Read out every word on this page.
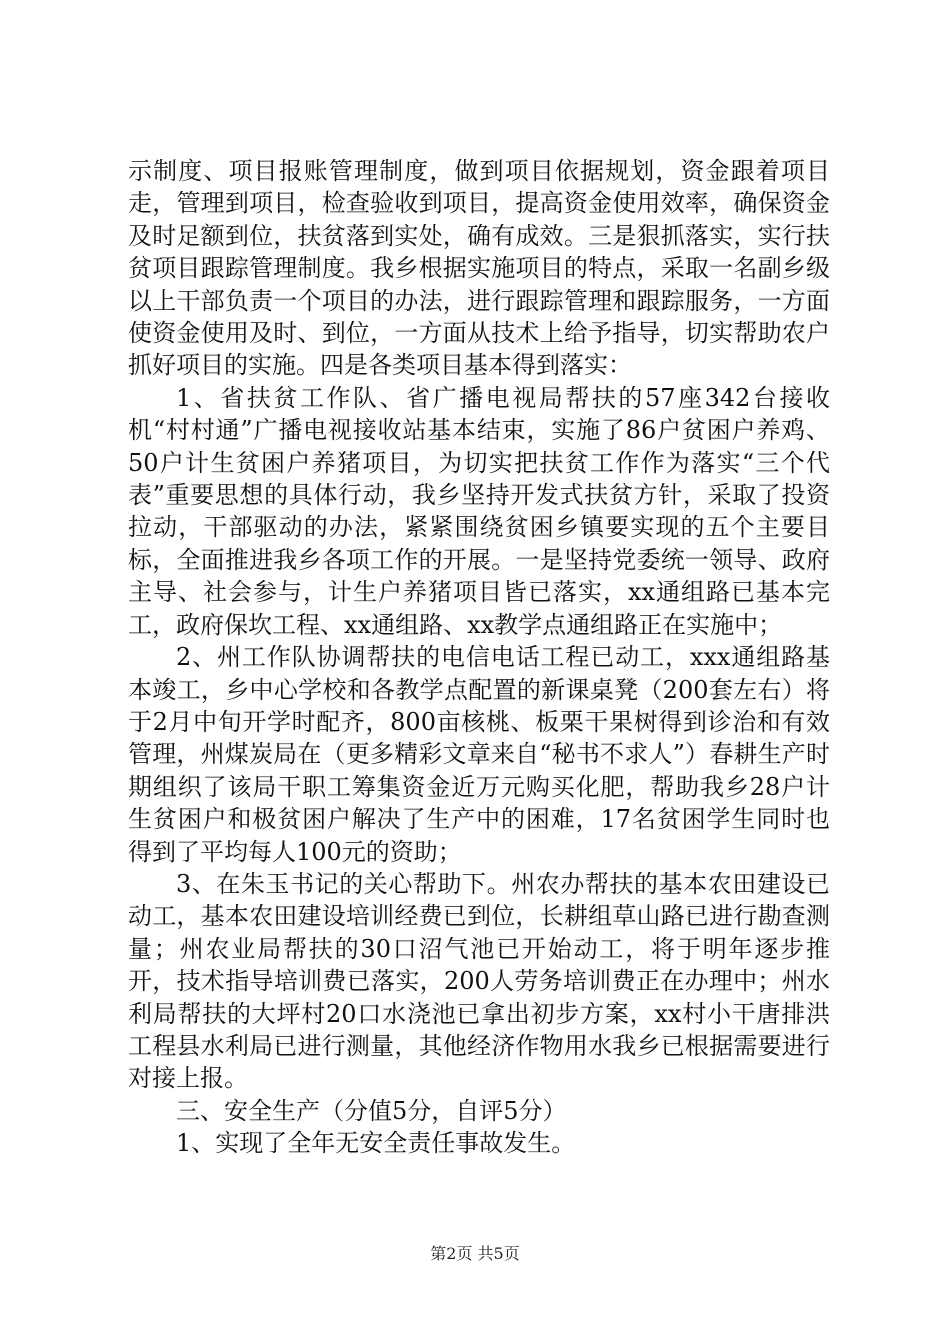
示制度、项目报账管理制度，做到项目依据规划，资金跟着项目走，管理到项目，检查验收到项目，提高资金使用效率，确保资金及时足额到位，扶贫落到实处，确有成效。三是狠抓落实，实行扶贫项目跟踪管理制度。我乡根据实施项目的特点，采取一名副乡级以上干部负责一个项目的办法，进行跟踪管理和跟踪服务，一方面使资金使用及时、到位，一方面从技术上给予指导，切实帮助农户抓好项目的实施。四是各类项目基本得到落实：

1、省扶贫工作队、省广播电视局帮扶的57座342台接收机“村村通”广播电视接收站基本结束，实施了86户贫困户养鸡、50户计生贫困户养猪项目，为切实把扶贫工作作为落实“三个代表”重要思想的具体行动，我乡坚持开发式扶贫方针，采取了投资拉动，干部驱动的办法，紧紧围绕贫困乡镇要实现的五个主要目标，全面推进我乡各项工作的开展。一是坚持党委统一领导、政府主导、社会参与，计生户养猪项目皆已落实，xx通组路已基本完工，政府保坎工程、xx通组路、xx教学点通组路正在实施中；

2、州工作队协调帮扶的电信电话工程已动工，xxx通组路基本竣工，乡中心学校和各教学点配置的新课桌凳（200套左右）将于2月中旬开学时配齐，800亩核桃、板栗干果树得到诊治和有效管理，州煤炭局在（更多精彩文章来自“秘书不求人”）春耕生产时期组织了该局干职工筹集资金近万元购买化肥，帮助我乡28户计生贫困户和极贫困户解决了生产中的困难，17名贫困学生同时也得到了平均每人100元的资助；

3、在朱玉书记的关心帮助下。州农办帮扶的基本农田建设已动工，基本农田建设培训经费已到位，长耕组草山路已进行勘查测量；州农业局帮扶的30口沼气池已开始动工，将于明年逐步推开，技术指导培训费已落实，200人劳务培训费正在办理中；州水利局帮扶的大坪村20口水浇池已拿出初步方案，xx村小干唐排洪工程县水利局已进行测量，其他经济作物用水我乡已根据需要进行对接上报。

三、安全生产（分值5分，自评5分）

1、实现了全年无安全责任事故发生。

第2页 共5页
